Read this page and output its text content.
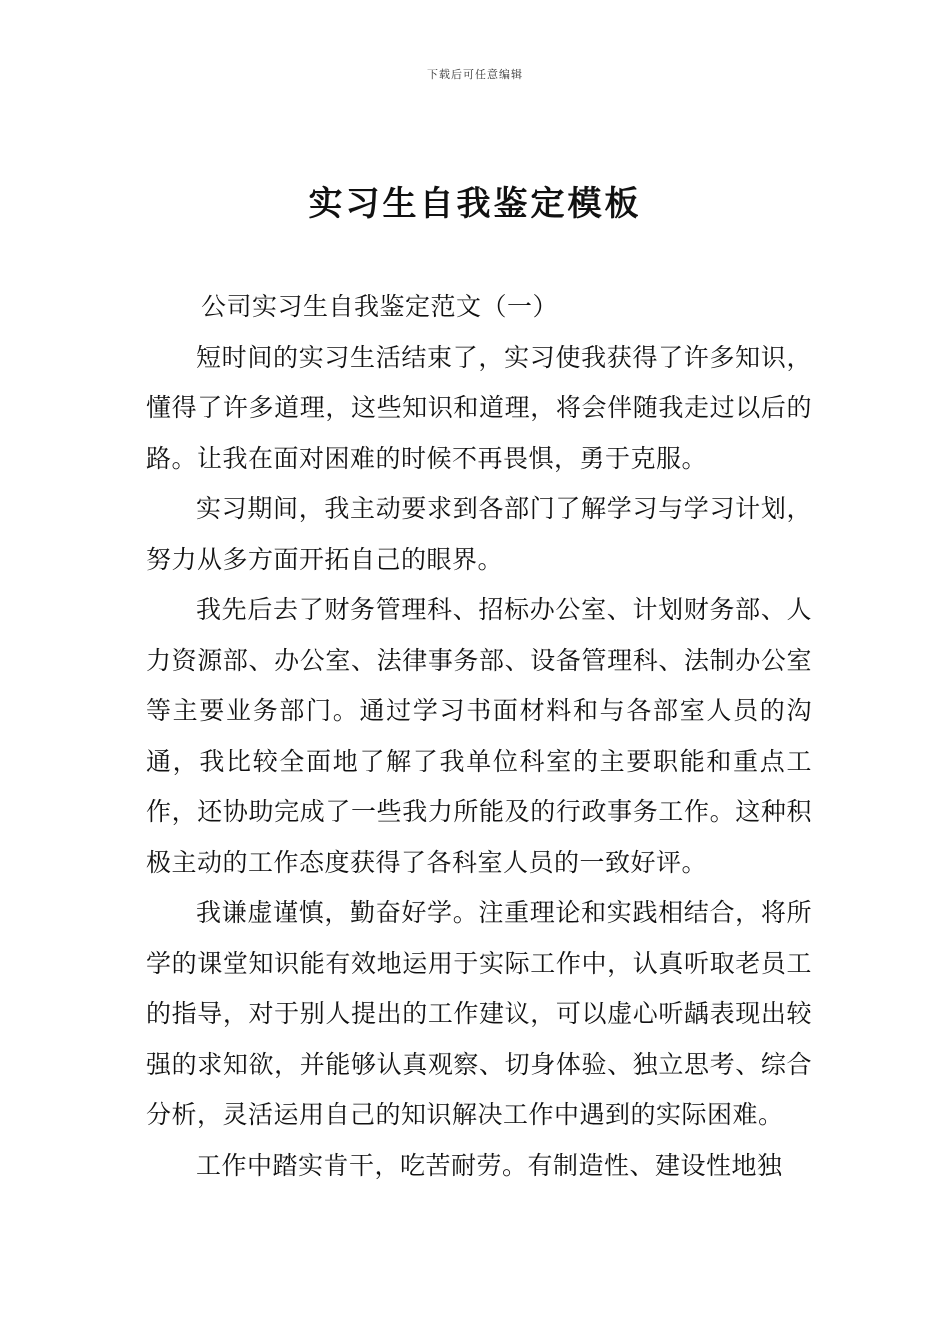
下载后可任意编辑
实习生自我鉴定模板

公司实习生自我鉴定范文（一）

短时间的实习生活结束了，实习使我获得了许多知识，懂得了许多道理，这些知识和道理，将会伴随我走过以后的路。让我在面对困难的时候不再畏惧，勇于克服。

实习期间，我主动要求到各部门了解学习与学习计划，努力从多方面开拓自己的眼界。

我先后去了财务管理科、招标办公室、计划财务部、人力资源部、办公室、法律事务部、设备管理科、法制办公室等主要业务部门。通过学习书面材料和与各部室人员的沟通，我比较全面地了解了我单位科室的主要职能和重点工作，还协助完成了一些我力所能及的行政事务工作。这种积极主动的工作态度获得了各科室人员的一致好评。

我谦虚谨慎，勤奋好学。注重理论和实践相结合，将所学的课堂知识能有效地运用于实际工作中，认真听取老员工的指导，对于别人提出的工作建议，可以虚心听龋表现出较强的求知欲，并能够认真观察、切身体验、独立思考、综合分析，灵活运用自己的知识解决工作中遇到的实际困难。

工作中踏实肯干，吃苦耐劳。有制造性、建设性地独
